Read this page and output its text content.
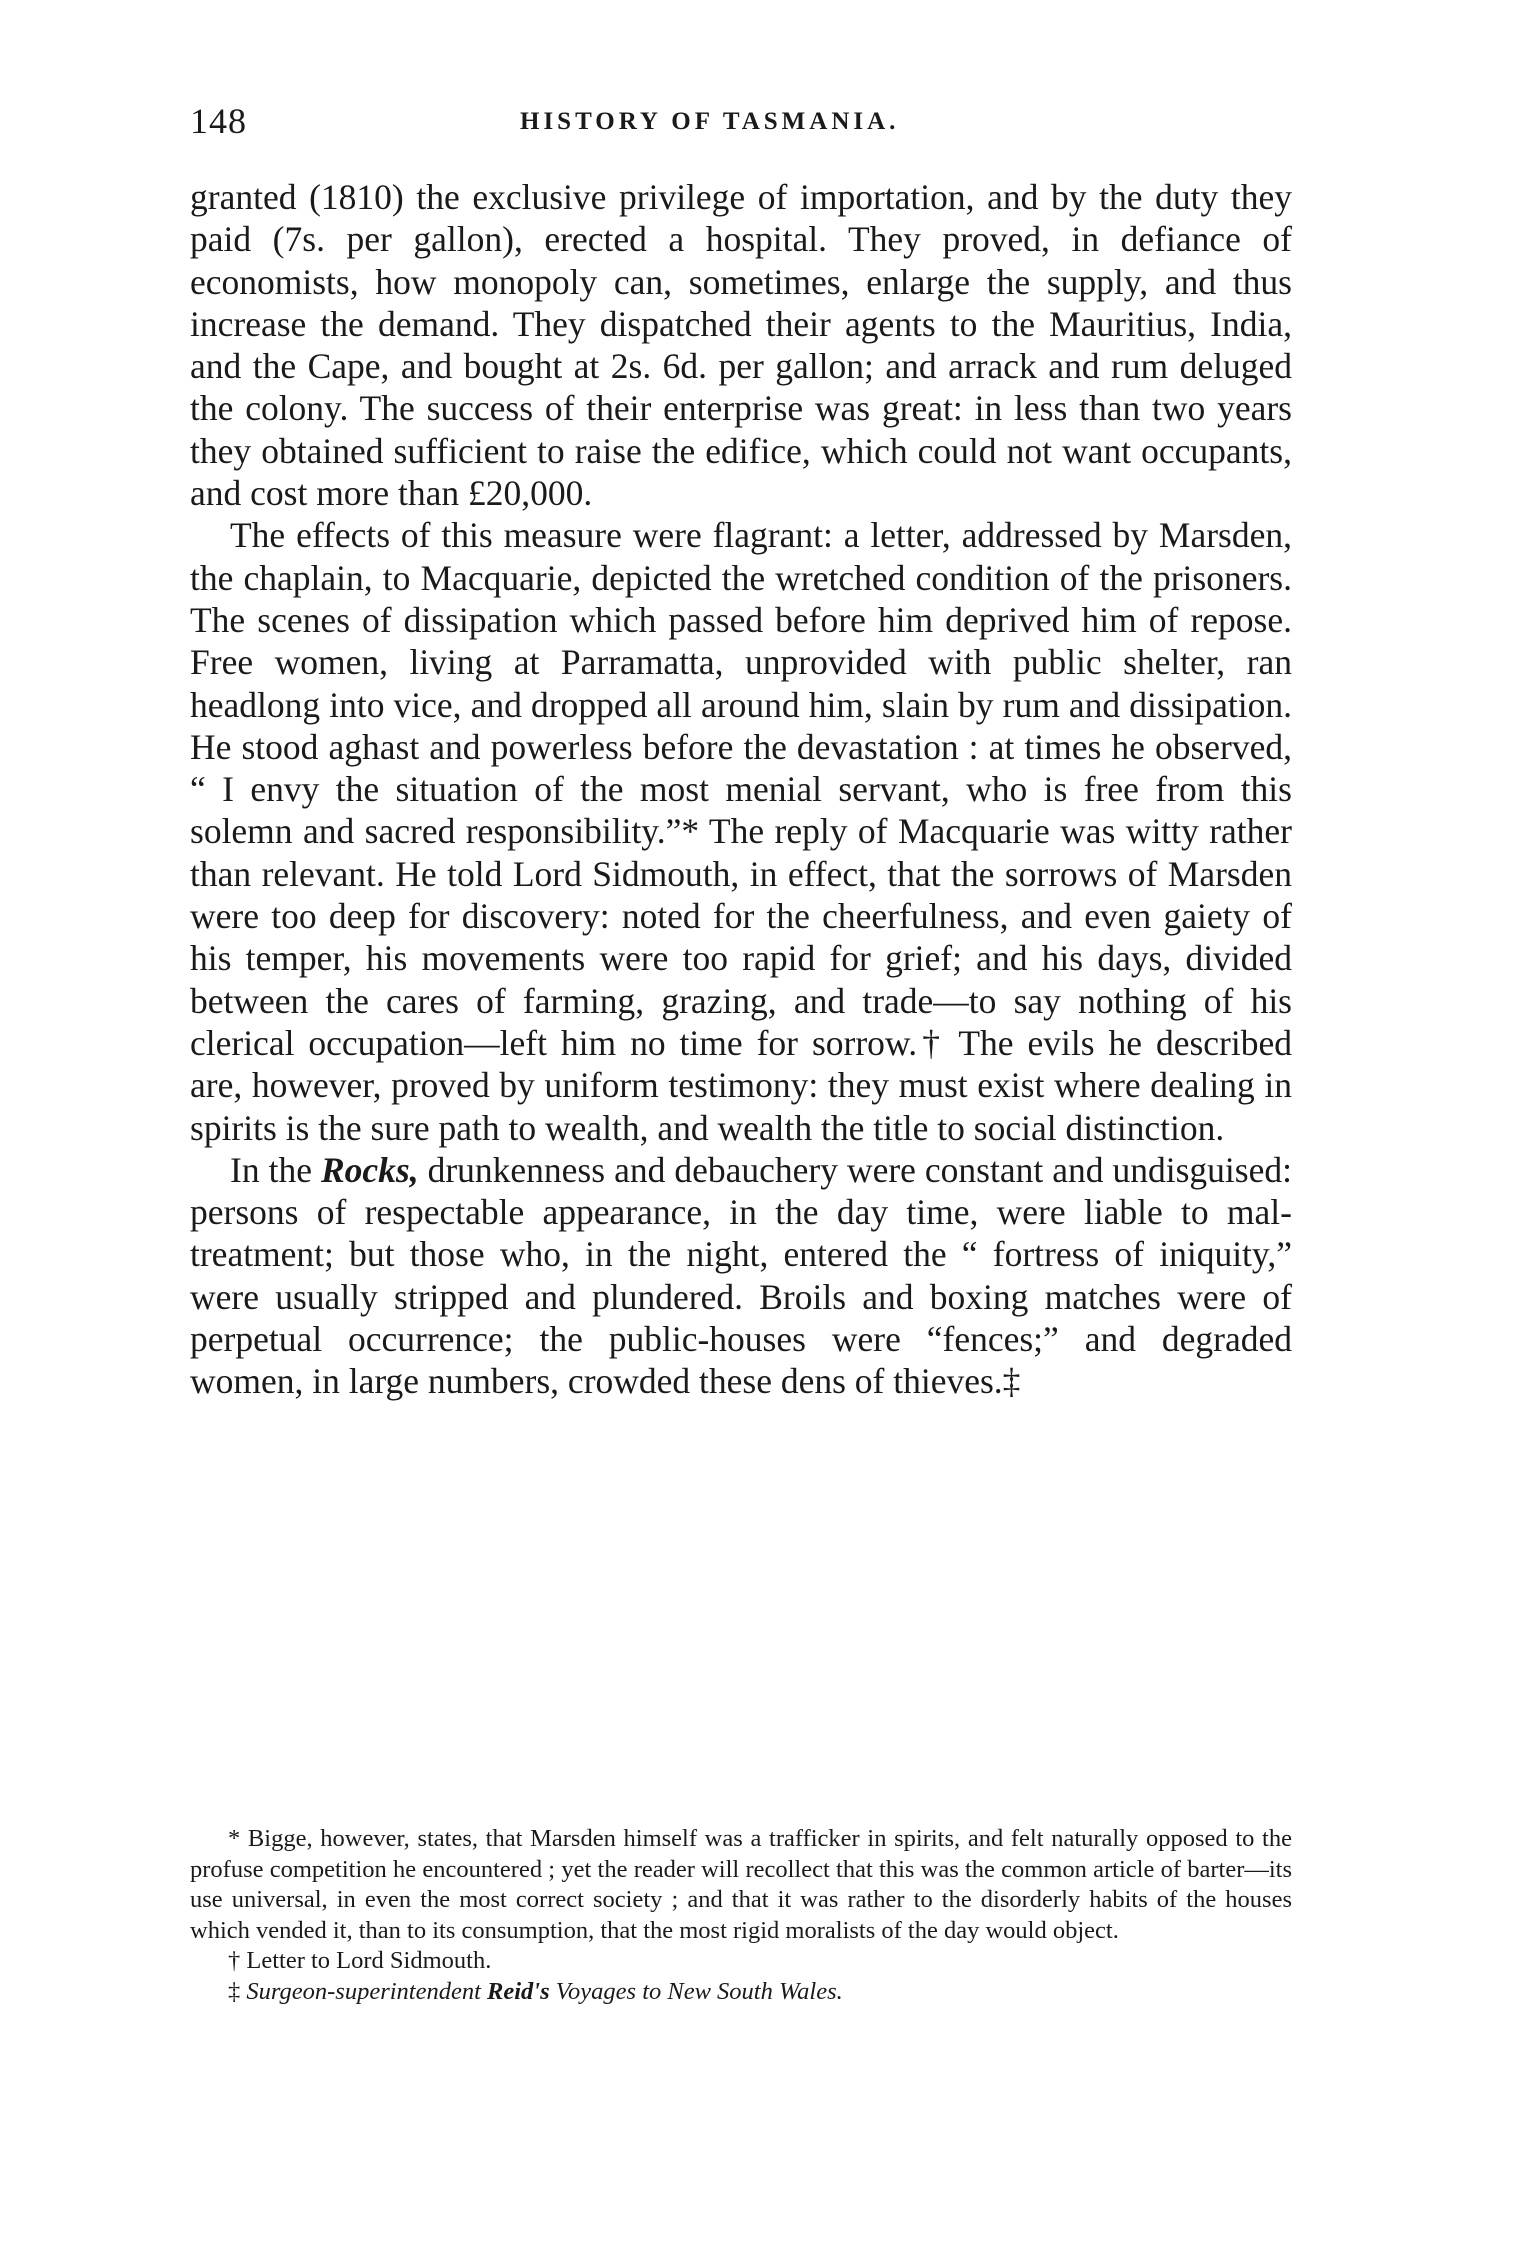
148	HISTORY OF TASMANIA.

granted (1810) the exclusive privilege of importation, and by the duty they paid (7s. per gallon), erected a hospital. They proved, in defiance of economists, how monopoly can, sometimes, enlarge the supply, and thus increase the demand. They dispatched their agents to the Mauritius, India, and the Cape, and bought at 2s. 6d. per gallon; and arrack and rum deluged the colony. The success of their enterprise was great: in less than two years they obtained sufficient to raise the edifice, which could not want occupants, and cost more than £20,000.

The effects of this measure were flagrant: a letter, addressed by Marsden, the chaplain, to Macquarie, depicted the wretched condition of the prisoners. The scenes of dissipation which passed before him deprived him of repose. Free women, living at Parramatta, unprovided with public shelter, ran headlong into vice, and dropped all around him, slain by rum and dissipation. He stood aghast and powerless before the devastation : at times he observed, “ I envy the situation of the most menial servant, who is free from this solemn and sacred responsibility.”* The reply of Macquarie was witty rather than relevant. He told Lord Sidmouth, in effect, that the sorrows of Marsden were too deep for discovery: noted for the cheerfulness, and even gaiety of his temper, his movements were too rapid for grief; and his days, divided between the cares of farming, grazing, and trade—to say nothing of his clerical occupation—left him no time for sorrow.† The evils he described are, however, proved by uniform testimony: they must exist where dealing in spirits is the sure path to wealth, and wealth the title to social distinction.

In the Rocks, drunkenness and debauchery were constant and undisguised: persons of respectable appearance, in the day time, were liable to mal-treatment; but those who, in the night, entered the “ fortress of iniquity,” were usually stripped and plundered. Broils and boxing matches were of perpetual occurrence; the public-houses were “fences;” and degraded women, in large numbers, crowded these dens of thieves.‡

* Bigge, however, states, that Marsden himself was a trafficker in spirits, and felt naturally opposed to the profuse competition he encountered ; yet the reader will recollect that this was the common article of barter—its use universal, in even the most correct society ; and that it was rather to the disorderly habits of the houses which vended it, than to its consumption, that the most rigid moralists of the day would object.

† Letter to Lord Sidmouth.

‡ Surgeon-superintendent Reid's Voyages to New South Wales.
